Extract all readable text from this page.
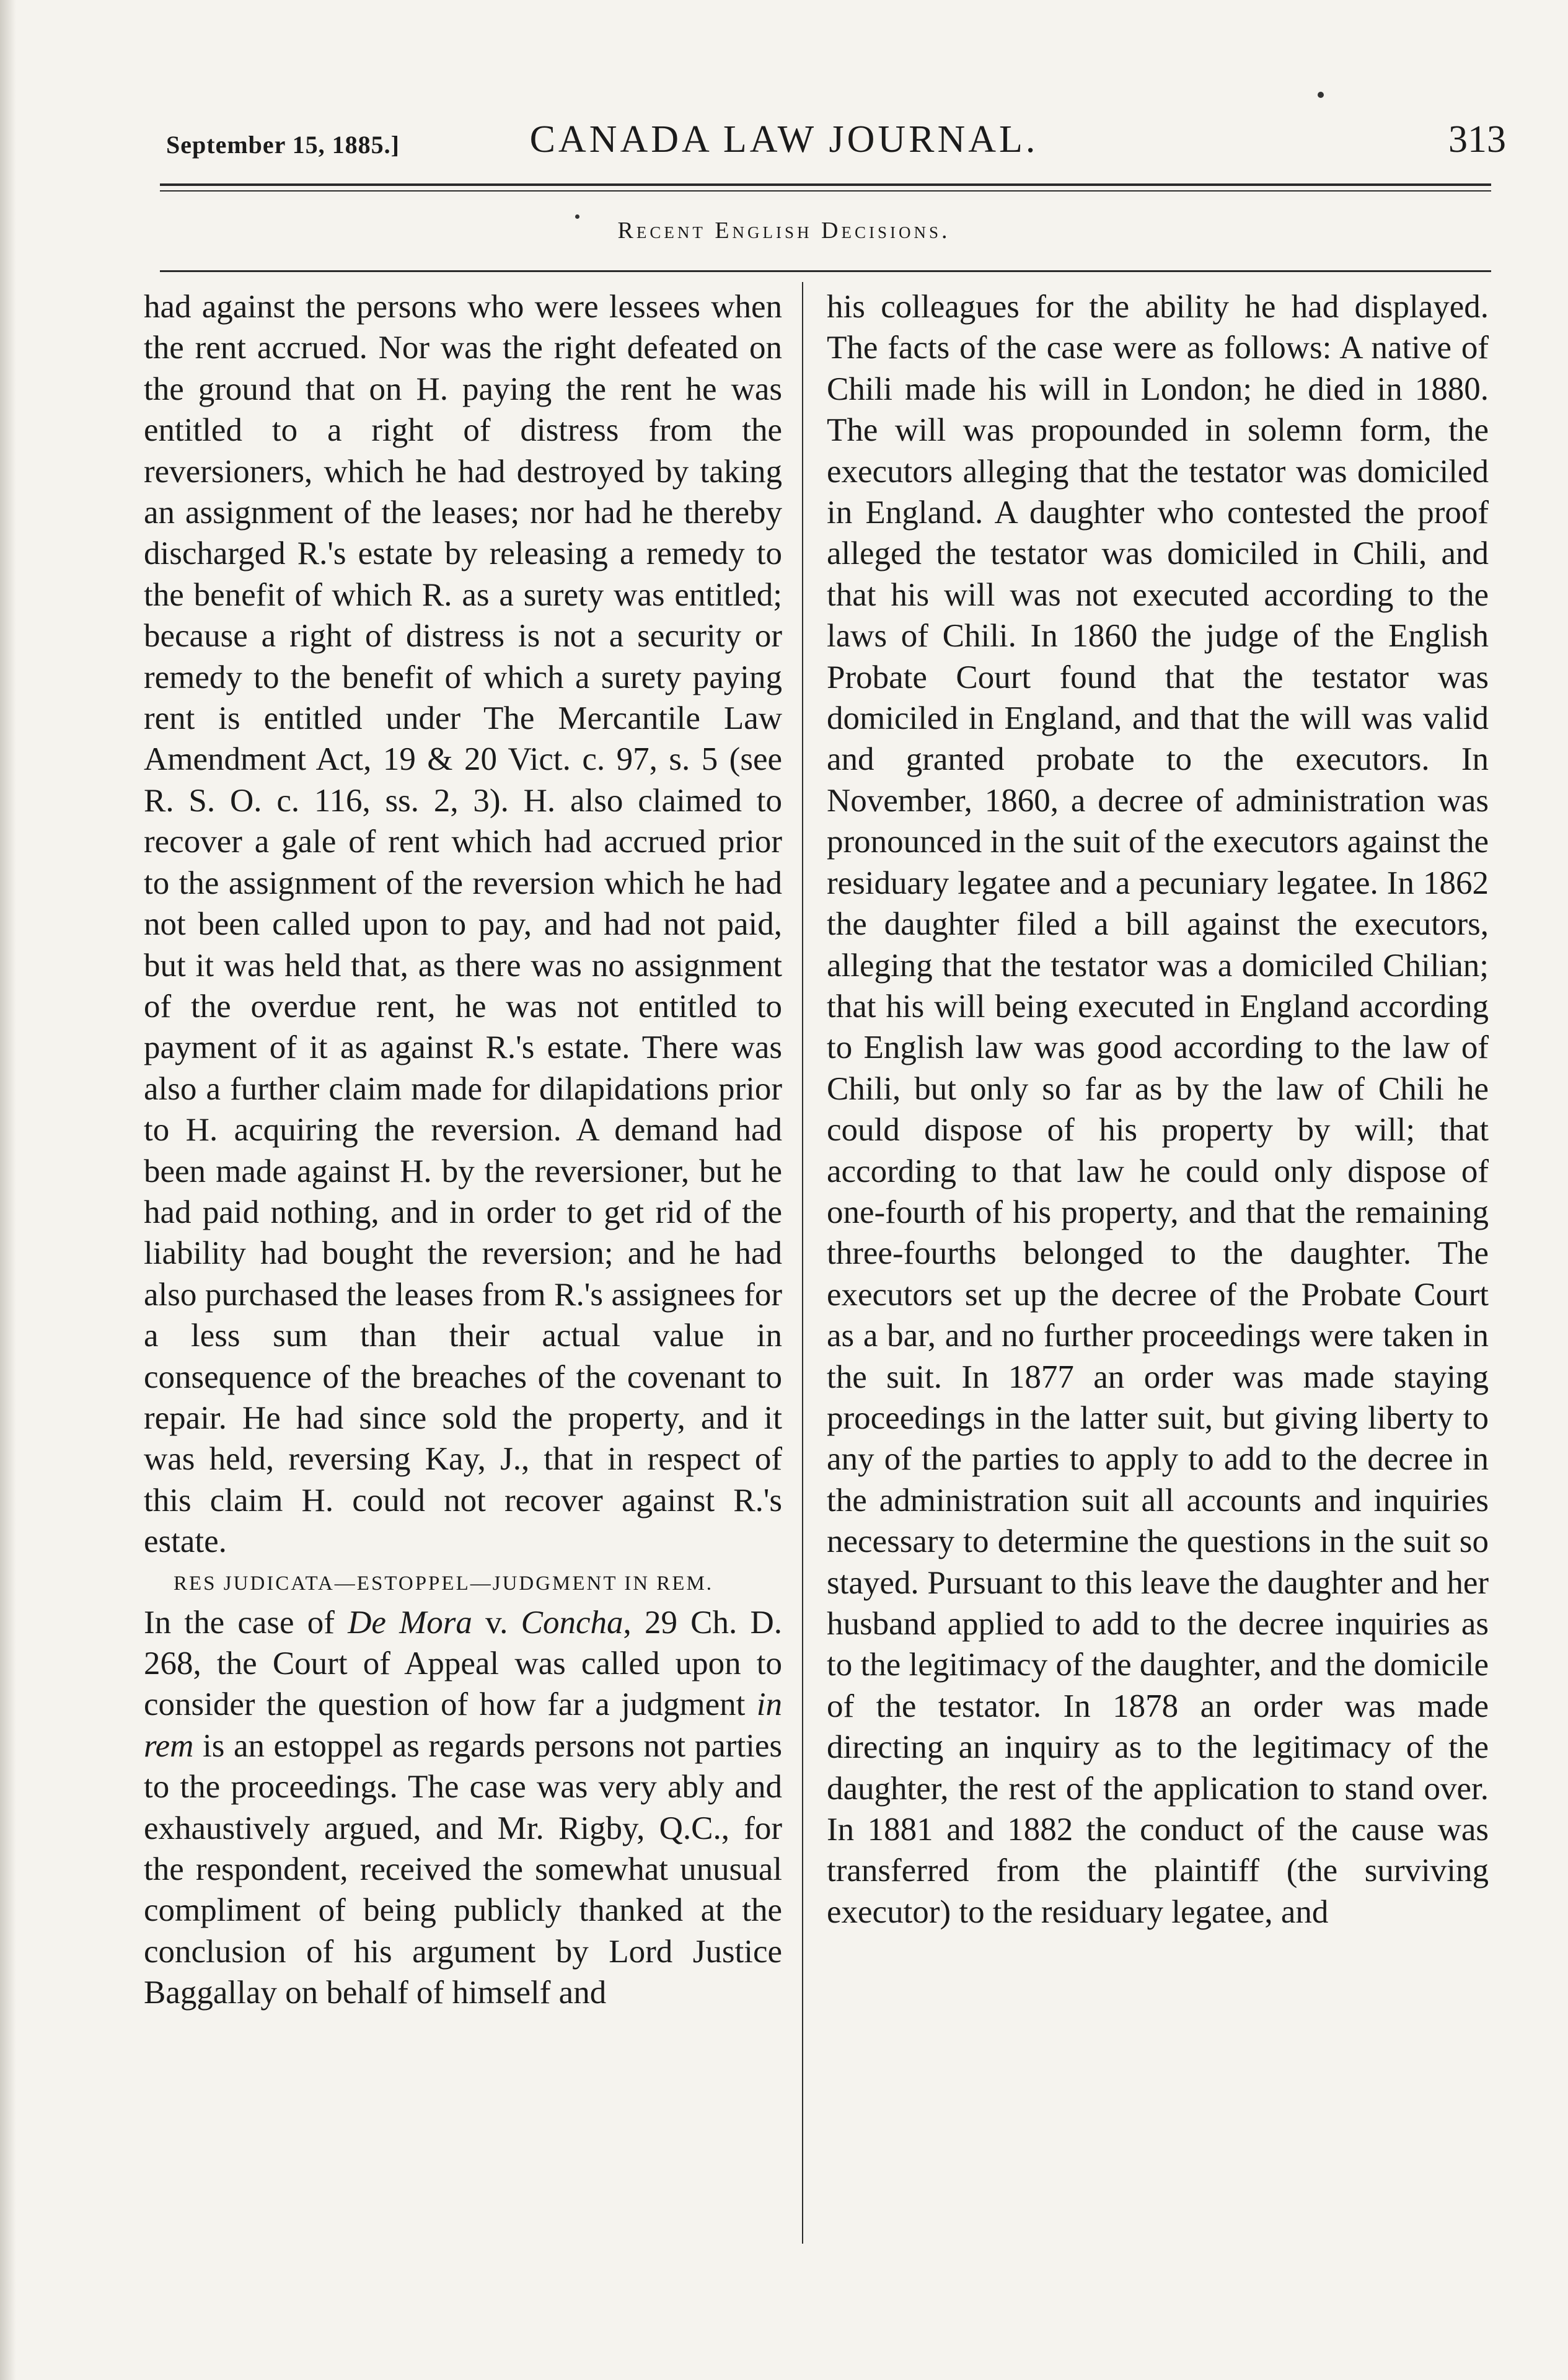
September 15, 1885.]	CANADA LAW JOURNAL.	313
Recent English Decisions.

had against the persons who were lessees when the rent accrued. Nor was the right defeated on the ground that on H. paying the rent he was entitled to a right of distress from the reversioners, which he had destroyed by taking an assignment of the leases; nor had he thereby discharged R.'s estate by releasing a remedy to the benefit of which R. as a surety was entitled; because a right of distress is not a security or remedy to the benefit of which a surety paying rent is entitled under The Mercantile Law Amendment Act, 19 & 20 Vict. c. 97, s. 5 (see R. S. O. c. 116, ss. 2, 3). H. also claimed to recover a gale of rent which had accrued prior to the assignment of the reversion which he had not been called upon to pay, and had not paid, but it was held that, as there was no assignment of the overdue rent, he was not entitled to payment of it as against R.'s estate. There was also a further claim made for dilapidations prior to H. acquiring the reversion. A demand had been made against H. by the reversioner, but he had paid nothing, and in order to get rid of the liability had bought the reversion; and he had also purchased the leases from R.'s assignees for a less sum than their actual value in consequence of the breaches of the covenant to repair. He had since sold the property, and it was held, reversing Kay, J., that in respect of this claim H. could not recover against R.'s estate.

RES JUDICATA—ESTOPPEL—JUDGMENT IN REM.

In the case of De Mora v. Concha, 29 Ch. D. 268, the Court of Appeal was called upon to consider the question of how far a judgment in rem is an estoppel as regards persons not parties to the proceedings. The case was very ably and exhaustively argued, and Mr. Rigby, Q.C., for the respondent, received the somewhat unusual compliment of being publicly thanked at the conclusion of his argument by Lord Justice Baggallay on behalf of himself and

his colleagues for the ability he had displayed. The facts of the case were as follows: A native of Chili made his will in London; he died in 1880. The will was propounded in solemn form, the executors alleging that the testator was domiciled in England. A daughter who contested the proof alleged the testator was domiciled in Chili, and that his will was not executed according to the laws of Chili. In 1860 the judge of the English Probate Court found that the testator was domiciled in England, and that the will was valid and granted probate to the executors. In November, 1860, a decree of administration was pronounced in the suit of the executors against the residuary legatee and a pecuniary legatee. In 1862 the daughter filed a bill against the executors, alleging that the testator was a domiciled Chilian; that his will being executed in England according to English law was good according to the law of Chili, but only so far as by the law of Chili he could dispose of his property by will; that according to that law he could only dispose of one-fourth of his property, and that the remaining three-fourths belonged to the daughter. The executors set up the decree of the Probate Court as a bar, and no further proceedings were taken in the suit. In 1877 an order was made staying proceedings in the latter suit, but giving liberty to any of the parties to apply to add to the decree in the administration suit all accounts and inquiries necessary to determine the questions in the suit so stayed. Pursuant to this leave the daughter and her husband applied to add to the decree inquiries as to the legitimacy of the daughter, and the domicile of the testator. In 1878 an order was made directing an inquiry as to the legitimacy of the daughter, the rest of the application to stand over. In 1881 and 1882 the conduct of the cause was transferred from the plaintiff (the surviving executor) to the residuary legatee, and
